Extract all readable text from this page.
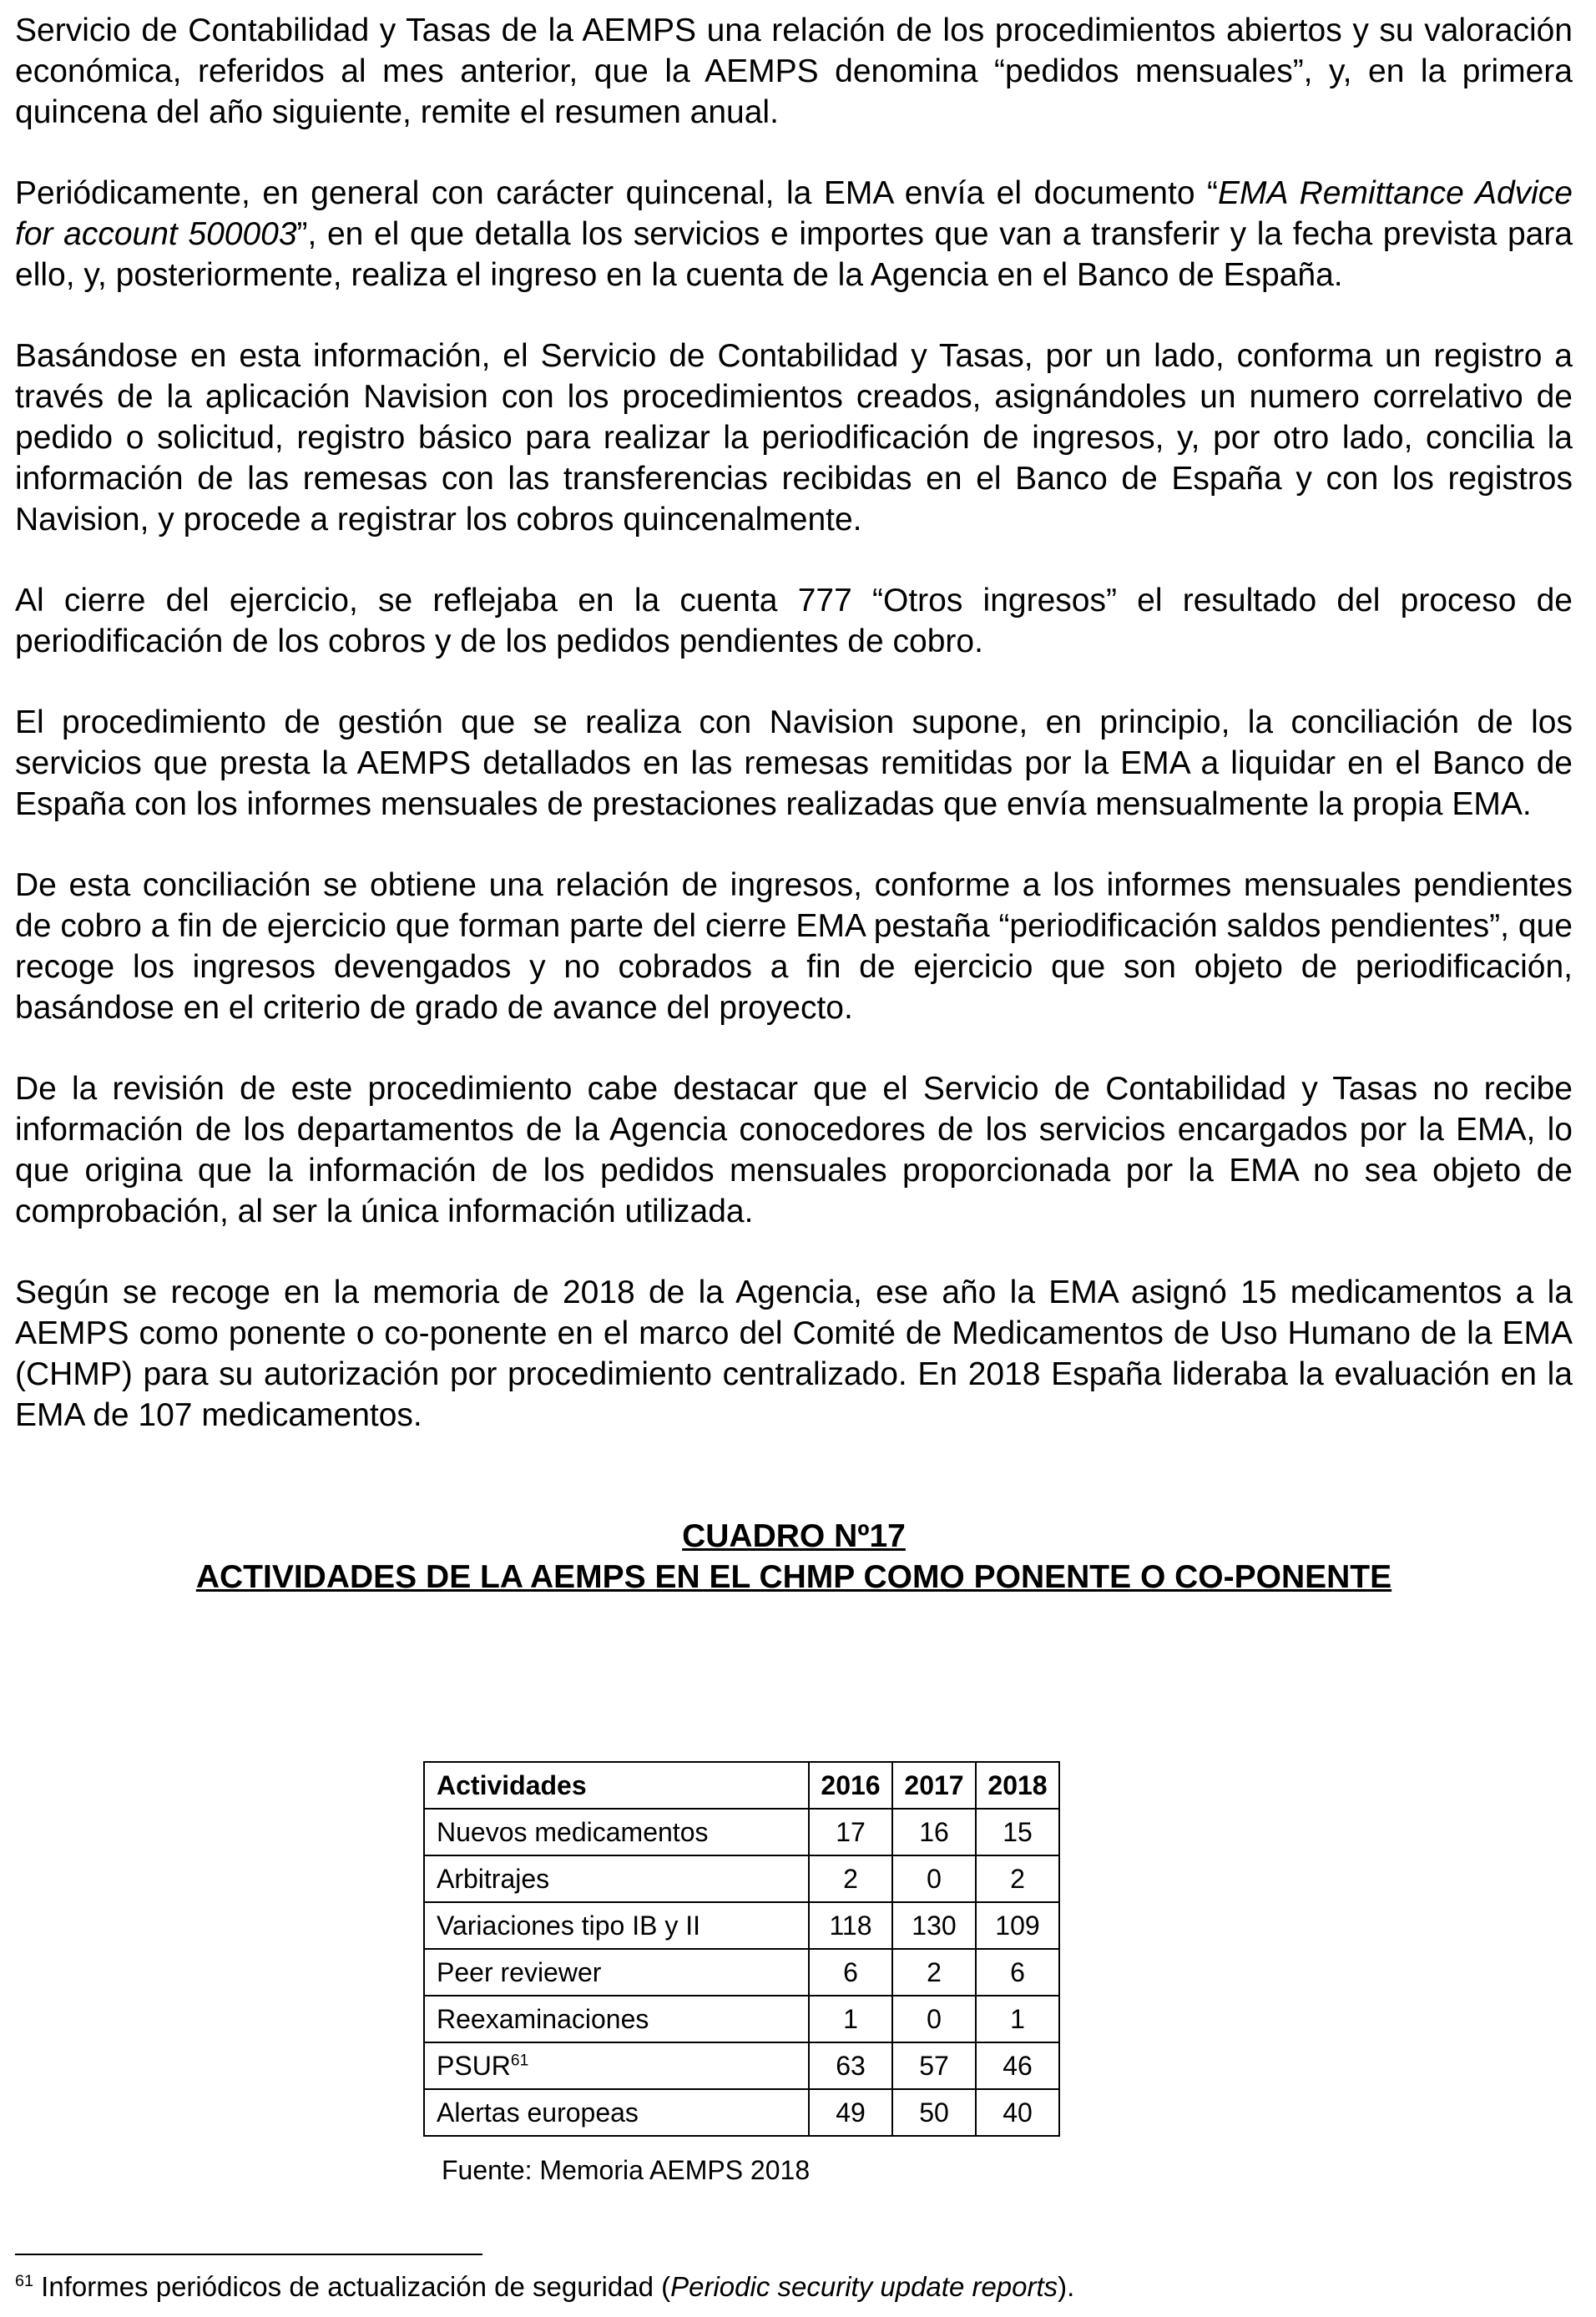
Servicio de Contabilidad y Tasas de la AEMPS una relación de los procedimientos abiertos y su valoración económica, referidos al mes anterior, que la AEMPS denomina “pedidos mensuales”, y, en la primera quincena del año siguiente, remite el resumen anual.

Periódicamente, en general con carácter quincenal, la EMA envía el documento “EMA Remittance Advice for account 500003”, en el que detalla los servicios e importes que van a transferir y la fecha prevista para ello, y, posteriormente, realiza el ingreso en la cuenta de la Agencia en el Banco de España.

Basándose en esta información, el Servicio de Contabilidad y Tasas, por un lado, conforma un registro a través de la aplicación Navision con los procedimientos creados, asignándoles un numero correlativo de pedido o solicitud, registro básico para realizar la periodificación de ingresos, y, por otro lado, concilia la información de las remesas con las transferencias recibidas en el Banco de España y con los registros Navision, y procede a registrar los cobros quincenalmente.

Al cierre del ejercicio, se reflejaba en la cuenta 777 “Otros ingresos” el resultado del proceso de periodificación de los cobros y de los pedidos pendientes de cobro.

El procedimiento de gestión que se realiza con Navision supone, en principio, la conciliación de los servicios que presta la AEMPS detallados en las remesas remitidas por la EMA a liquidar en el Banco de España con los informes mensuales de prestaciones realizadas que envía mensualmente la propia EMA.

De esta conciliación se obtiene una relación de ingresos, conforme a los informes mensuales pendientes de cobro a fin de ejercicio que forman parte del cierre EMA pestaña “periodificación saldos pendientes”, que recoge los ingresos devengados y no cobrados a fin de ejercicio que son objeto de periodificación, basándose en el criterio de grado de avance del proyecto.

De la revisión de este procedimiento cabe destacar que el Servicio de Contabilidad y Tasas no recibe información de los departamentos de la Agencia conocedores de los servicios encargados por la EMA, lo que origina que la información de los pedidos mensuales proporcionada por la EMA no sea objeto de comprobación, al ser la única información utilizada.

Según se recoge en la memoria de 2018 de la Agencia, ese año la EMA asignó 15 medicamentos a la AEMPS como ponente o co-ponente en el marco del Comité de Medicamentos de Uso Humano de la EMA (CHMP) para su autorización por procedimiento centralizado. En 2018 España lideraba la evaluación en la EMA de 107 medicamentos.

CUADRO Nº17
ACTIVIDADES DE LA AEMPS EN EL CHMP COMO PONENTE O CO-PONENTE
Actividades	2016	2017	2018
Nuevos medicamentos	17	16	15
Arbitrajes	2	0	2
Variaciones tipo IB y II	118	130	109
Peer reviewer	6	2	6
Reexaminaciones	1	0	1
PSUR$^{61}$	63	57	46
Alertas europeas	49	50	40
Fuente: Memoria AEMPS 2018
$^{61}$ Informes periódicos de actualización de seguridad (Periodic security update reports).
